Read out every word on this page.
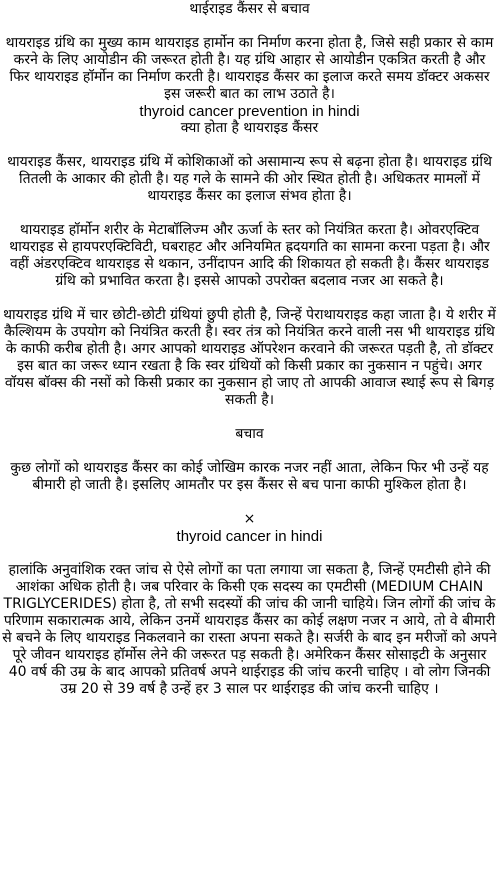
थाईराइड कैंसर से बचाव
थायराइड ग्रंथि का मुख्य काम थायराइड हार्मोन का निर्माण करना होता है, जिसे सही प्रकार से काम करने के लिए आयोडीन की जरूरत होती है। यह ग्रंथि आहार से आयोडीन एकत्रित करती है और फिर थायराइड हॉर्मोन का निर्माण करती है। थायराइड कैंसर का इलाज करते समय डॉक्टर अकसर इस जरूरी बात का लाभ उठाते है।
thyroid cancer prevention in hindi
क्या होता है थायराइड कैंसर
थायराइड कैंसर, थायराइड ग्रंथि में कोशिकाओं को असामान्य रूप से बढ़ना होता है। थायराइड ग्रंथि तितली के आकार की होती है। यह गले के सामने की ओर स्थित होती है। अधिकतर मामलों में थायराइड कैंसर का इलाज संभव होता है।
थायराइड हॉर्मोन शरीर के मेटाबॉलिज्म और ऊर्जा के स्तर को नियंत्रित करता है। ओवरएक्टिव थायराइड से हायपरएक्टिविटी, घबराहट और अनियमित ह्रदयगति का सामना करना पड़ता है। और वहीं अंडरएक्टिव थायराइड से थकान, उनींदापन आदि की शिकायत हो सकती है। कैंसर थायराइड ग्रंथि को प्रभावित करता है। इससे आपको उपरोक्त बदलाव नजर आ सकते है।
थायराइड ग्रंथि में चार छोटी-छोटी ग्रंथियां छुपी होती है, जिन्हें पेराथायराइड कहा जाता है। ये शरीर में कैल्शियम के उपयोग को नियंत्रित करती है। स्वर तंत्र को नियंत्रित करने वाली नस भी थायराइड ग्रंथि के काफी करीब होती है। अगर आपको थायराइड ऑपरेशन करवाने की जरूरत पड़ती है, तो डॉक्टर इस बात का जरूर ध्यान रखता है कि स्वर ग्रंथियों को किसी प्रकार का नुकसान न पहुंचे। अगर वॉयस बॉक्स की नसों को किसी प्रकार का नुकसान हो जाए तो आपकी आवाज स्थाई रूप से बिगड़ सकती है।
बचाव
कुछ लोगों को थायराइड कैंसर का कोई जोखिम कारक नजर नहीं आता, लेकिन फिर भी उन्हें यह बीमारी हो जाती है। इसलिए आमतौर पर इस कैंसर से बच पाना काफी मुश्किल होता है।
×
thyroid cancer in hindi
हालांकि अनुवांशिक रक्त जांच से ऐसे लोगों का पता लगाया जा सकता है, जिन्हें एमटीसी होने की आशंका अधिक होती है। जब परिवार के किसी एक सदस्य का एमटीसी (MEDIUM CHAIN TRIGLYCERIDES) होता है, तो सभी सदस्यों की जांच की जानी चाहिये। जिन लोगों की जांच के परिणाम सकारात्मक आये, लेकिन उनमें थायराइड कैंसर का कोई लक्षण नजर न आये, तो वे बीमारी से बचने के लिए थायराइड निकलवाने का रास्ता अपना सकते है। सर्जरी के बाद इन मरीजों को अपने पूरे जीवन थायराइड हॉर्मोस लेने की जरूरत पड़ सकती है। अमेरिकन कैंसर सोसाइटी के अनुसार 40 वर्ष की उम्र के बाद आपको प्रतिवर्ष अपने थाईराइड की जांच करनी चाहिए । वो लोग जिनकी उम्र 20 से 39 वर्ष है उन्हें हर 3 साल पर थाईराइड की जांच करनी चाहिए ।
